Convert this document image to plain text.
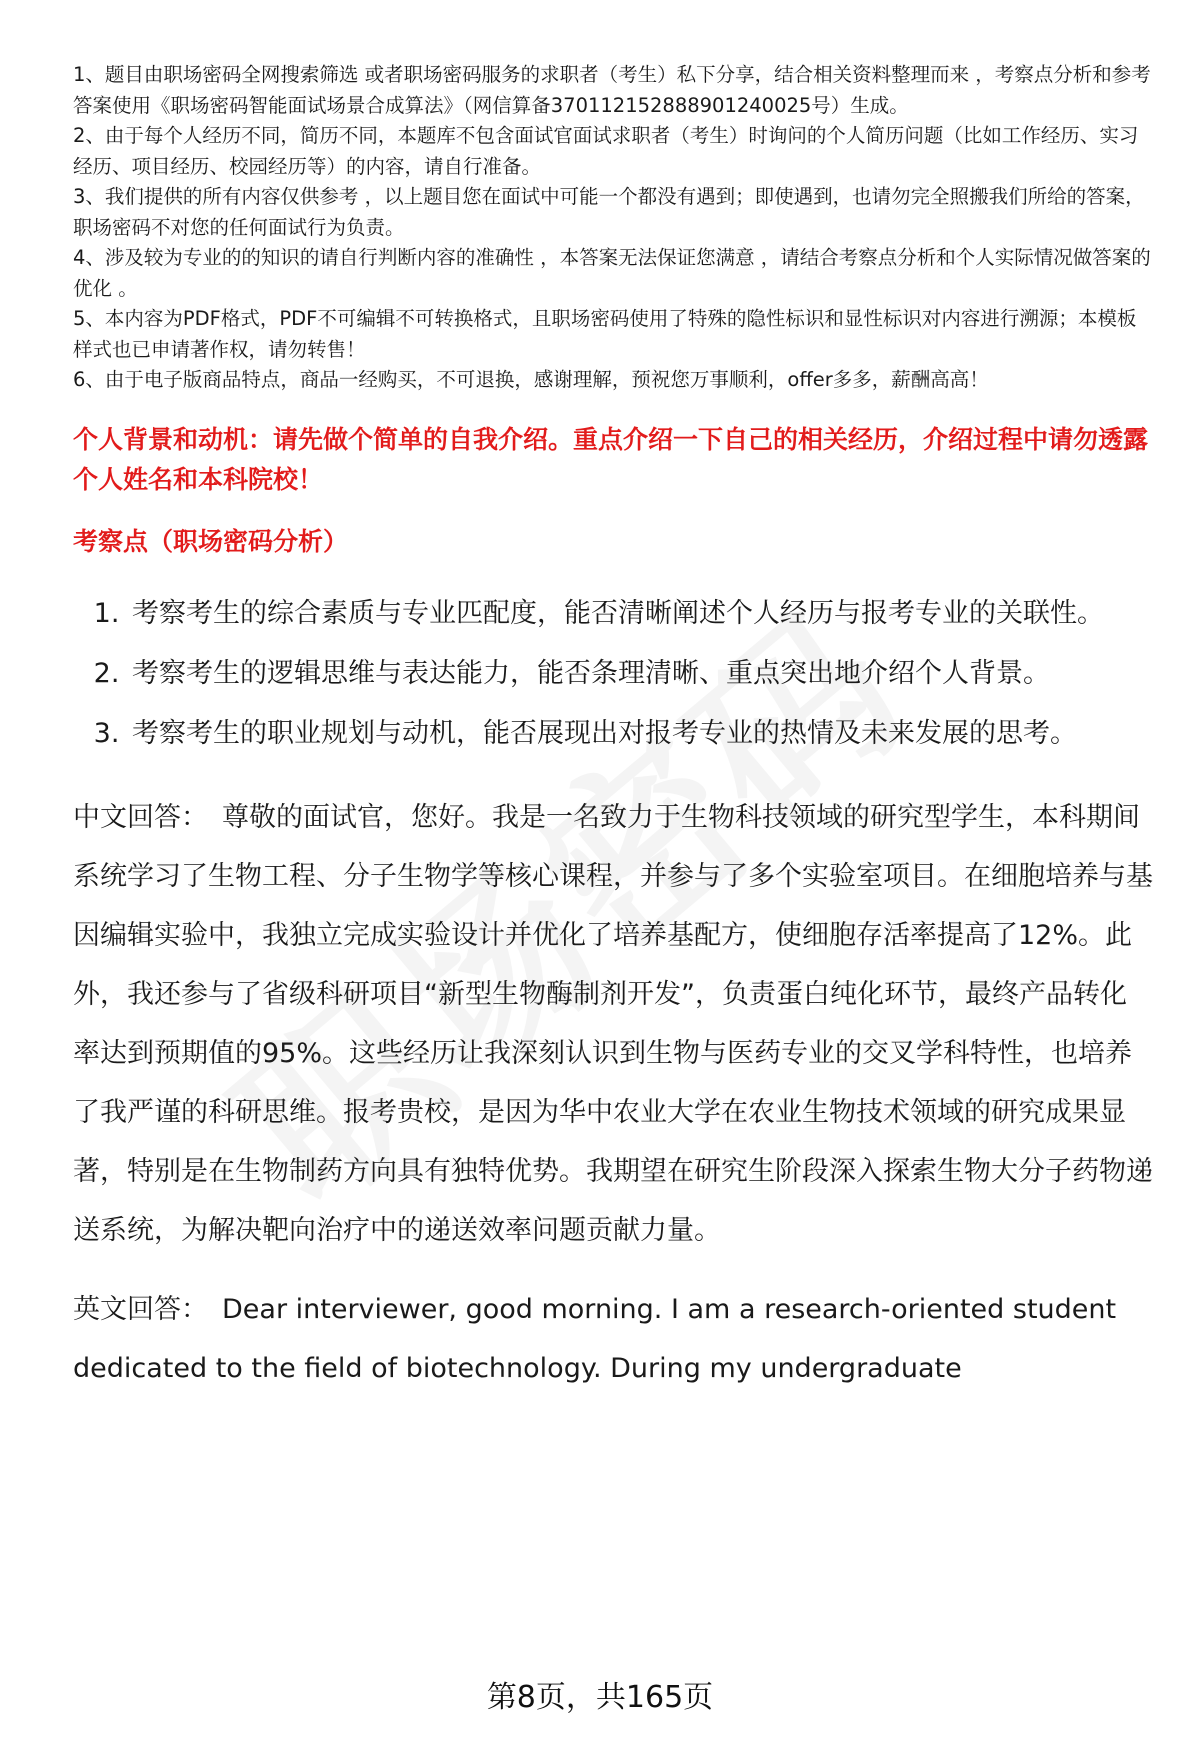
1、题目由职场密码全网搜索筛选 或者职场密码服务的求职者（考生）私下分享，结合相关资料整理而来 ，考察点分析和参考答案使用《职场密码智能面试场景合成算法》（网信算备370112152888901240025号）生成。

2、由于每个人经历不同，简历不同，本题库不包含面试官面试求职者（考生）时询问的个人简历问题（比如工作经历、实习经历、项目经历、校园经历等）的内容，请自行准备。

3、我们提供的所有内容仅供参考 ，以上题目您在面试中可能一个都没有遇到；即使遇到，也请勿完全照搬我们所给的答案，职场密码不对您的任何面试行为负责。

4、涉及较为专业的的知识的请自行判断内容的准确性 ，本答案无法保证您满意 ，请结合考察点分析和个人实际情况做答案的优化 。

5、本内容为PDF格式，PDF不可编辑不可转换格式，且职场密码使用了特殊的隐性标识和显性标识对内容进行溯源；本模板样式也已申请著作权，请勿转售！

6、由于电子版商品特点，商品一经购买，不可退换，感谢理解，预祝您万事顺利，offer多多，薪酬高高！

个人背景和动机：请先做个简单的自我介绍。重点介绍一下自己的相关经历，介绍过程中请勿透露个人姓名和本科院校！
考察点（职场密码分析）
1. 考察考生的综合素质与专业匹配度，能否清晰阐述个人经历与报考专业的关联性。
2. 考察考生的逻辑思维与表达能力，能否条理清晰、重点突出地介绍个人背景。
3. 考察考生的职业规划与动机，能否展现出对报考专业的热情及未来发展的思考。
中文回答： 尊敬的面试官，您好。我是一名致力于生物科技领域的研究型学生，本科期间系统学习了生物工程、分子生物学等核心课程，并参与了多个实验室项目。在细胞培养与基因编辑实验中，我独立完成实验设计并优化了培养基配方，使细胞存活率提高了12%。此外，我还参与了省级科研项目“新型生物酶制剂开发”，负责蛋白纯化环节，最终产品转化率达到预期值的95%。这些经历让我深刻认识到生物与医药专业的交叉学科特性，也培养了我严谨的科研思维。报考贵校，是因为华中农业大学在农业生物技术领域的研究成果显著，特别是在生物制药方向具有独特优势。我期望在研究生阶段深入探索生物大分子药物递送系统，为解决靶向治疗中的递送效率问题贡献力量。
英文回答： Dear interviewer, good morning. I am a research-oriented student dedicated to the field of biotechnology. During my undergraduate
第8页，共165页
